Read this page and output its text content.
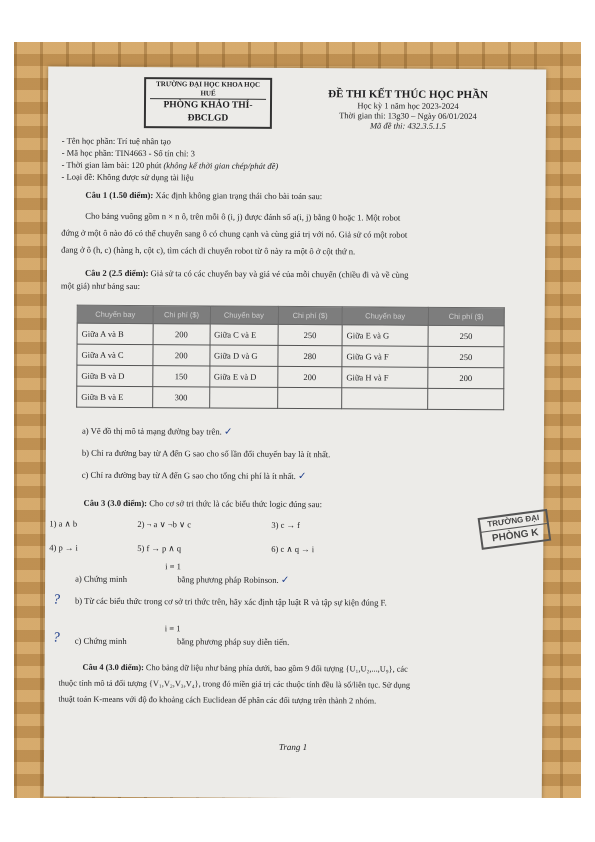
TRƯỜNG ĐẠI HỌC KHOA HỌC HUẾ
PHÒNG KHẢO THÍ-ĐBCLGD
ĐỀ THI KẾT THÚC HỌC PHẦN
Học kỳ 1 năm học 2023-2024
Thời gian thi: 13g30 – Ngày 06/01/2024
Mã đề thi: 432.3.5.1.5
- Tên học phần: Trí tuệ nhân tạo
- Mã học phần: TIN4663 - Số tín chỉ: 3
- Thời gian làm bài: 120 phút (không kể thời gian chép/phát đề)
- Loại đề: Không được sử dụng tài liệu
Câu 1 (1.50 điểm): Xác định không gian trạng thái cho bài toán sau:
Cho bảng vuông gồm n × n ô, trên mỗi ô (i, j) được đánh số a(i, j) bằng 0 hoặc 1. Một robot
đứng ở một ô nào đó có thể chuyển sang ô có chung cạnh và cùng giá trị với nó. Giả sử có một robot
đang ở ô (h, c) (hàng h, cột c), tìm cách di chuyển robot từ ô này ra một ô ở cột thứ n.
Câu 2 (2.5 điểm): Giả sử ta có các chuyến bay và giá vé của mỗi chuyến (chiều đi và về cùng
một giá) như bảng sau:
Chuyến bay	Chi phí ($)	Chuyến bay	Chi phí ($)	Chuyến bay	Chi phí ($)
Giữa A và B	200	Giữa C và E	250	Giữa E và G	250
Giữa A và C	200	Giữa D và G	280	Giữa G và F	250
Giữa B và D	150	Giữa E và D	200	Giữa H và F	200
Giữa B và E	300				
a) Vẽ đồ thị mô tả mạng đường bay trên. ✓
b) Chỉ ra đường bay từ A đến G sao cho số lần đổi chuyến bay là ít nhất.
c) Chỉ ra đường bay từ A đến G sao cho tổng chi phí là ít nhất. ✓
Câu 3 (3.0 điểm): Cho cơ sở tri thức là các biểu thức logic đúng sau:
1) a ∧ b	2) ¬ a ∨ ¬b ∨ c	3) c → f
4) p → i	5) f → p ∧ q	6) c ∧ q → i
TRƯỜNG ĐẠI
PHÒNG K
i ≡ 1
a) Chứng minh	bằng phương pháp Robinson. ✓
? b) Từ các biểu thức trong cơ sở tri thức trên, hãy xác định tập luật R và tập sự kiện đúng F.
i ≡ 1
? c) Chứng minh	bằng phương pháp suy diễn tiến.
Câu 4 (3.0 điểm): Cho bảng dữ liệu như bảng phía dưới, bao gồm 9 đối tượng {U₁,U₂,...,U₉}, các
thuộc tính mô tả đối tượng {V₁,V₂,V₃,V₄}, trong đó miền giá trị các thuộc tính đều là số/liên tục. Sử dụng
thuật toán K-means với độ đo khoảng cách Euclidean để phân các đối tượng trên thành 2 nhóm.
Trang 1
